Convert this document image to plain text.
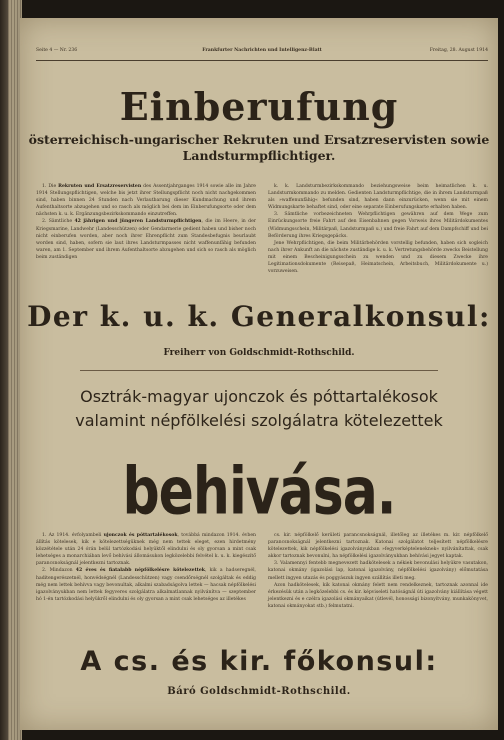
Seite 4 — Nr. 236	Frankfurter Nachrichten und Intelligenz-Blatt	Freitag, 28. August 1914
Einberufung
österreichisch-ungarischer Rekruten und Ersatzreservisten sowie
Landsturmpflichtiger.
1. Die Rekruten und Ersatzreservisten des Assentjahrganges 1914 sowie alle im Jahre 1914 Stellungspflichtigen, welche bis jetzt ihrer Stellungspflicht noch nicht nachgekommen sind, haben binnen 24 Stunden nach Verlautbarung dieser Kundmachung und ihrem Aufenthaltsorte abzugehen und so rasch als möglich bei dem im Einberufungsorte oder dem nächsten k. u. k. Ergänzungsbezirkskommando einzutreffen.
2. Sämtliche 42 jährigen und jüngeren Landsturmpflichtigen, die im Heere, in der Kriegsmarine, Landwehr (Landesschützen) oder Gendarmerie gedient haben und bisher noch nicht einberufen worden, aber noch ihrer Ehrenpflicht zum Standesbefugnis beurlaubt worden sind, haben, sofern sie laut ihres Landsturmpasses nicht waffenunfähig befunden waren, am 1. September und ihrem Aufenthaltsorte abzugehen und sich so rasch als möglich beim zuständigen
k. k. Landsturmbezirkskommando beziehungsweise beim heimatlichen k. u. Landsturmkommando zu melden. Gedienten Landsturmpflichtige, die in ihrem Landsturmpaß als »waffenunfähig« befunden sind, haben dann einzurücken, wenn sie mit einem Widmungskarte behaftet sind, oder eine separate Einberufungskarte erhalten haben.
3. Sämtliche vorbezeichneten Wehrpflichtigen gewähren auf dem Wege zum Einrückungsorte freie Fahrt auf den Eisenbahnen gegen Vorweis ihres Militärdokumentes (Widmungsschein, Militärpaß, Landsturmpaß u.) und freie Fahrt auf dem Dampfschiff und bei Beförderung ihres Kriegsgepäcks.
Jene Wehrpflichtigen, die beim Militärbehörden vorstellig befunden, haben sich sogleich nach ihrer Ankunft an die nächste zuständige k. u. k. Vertretungsbehörde zwecks Beistellung mit einem Bescheinigungsschein zu wenden und zu diesem Zwecke ihre Legitimationsdokumente (Reisepaß, Heimatschein, Arbeitsbuch, Militärdokumente u.) vorzuweisen.
Der k. u. k. Generalkonsul:
Freiherr von Goldschmidt-Rothschild.
Osztrák-magyar ujonczok és póttartalékosok
valamint népfölkelési szolgálatra kötelezettek
behivása.
1. Az 1914. évfolyambeli ujonczok és póttartalékosok, továbbá mindazon 1914. évben állítás kötelesek, kik e kötelezettségüknek még nem tettek eleget, ezen hirdetmény közzététele után 24 órán belül tartózkodási helyüktől elindulni és oly gyorsan a mint csak lehetséges a monarchiában levő behívási állomásukon legközelebbi felvétel k. u. k. kiegészítő parancsnokságnál jelentkezni tartoznak.
2. Mindazon 42 éves és fiatalabb népfölkelésre kötelezettek, kik a hadseregnél, haditengerészetnél, honvédségnél (Landesschützen) vagy csendőrségnél szolgáltak és eddig még nem lettek behívva vagy bevonultak, alkalmi szabadságolva lettek — hacsak népfölkelési igazolványukban nem lettek fegyveres szolgálatra alkalmatlannak nyilvánítva — szeptember hó 1-én tartózkodási helyükről elindulni és oly gyorsan a mint csak lehetséges az illetékes
cs. kir. népfölkelő kerületi parancsnokságnál, illetőleg az illetékes m. kir. népfölkelő parancsnokságnál jelentkezni tartoznak. Katonai szolgálatot teljesített népfölkelésre kötelezettek, kik népfölkelési igazolványukban »fegyverképteleneknek« nyilvánítattak, csak akkor tartoznak bevonulni, ha népfölkelési igazolványukban behívási jegyet kaptak.
3. Valamennyi fentebb megnevezett hadkötelesek a nékiek bevonulási helyükre vasutakon, katonai okmány (igazolási lap, katonai igazolvány, népfölkelési igazolvány) előmutatása mellett ingyen utazás és poggyászuk ingyen szállítás illeti meg.
Azon hadkötelesek, kik katonai okmány felett nem rendelkeznek, tartoznak azonnal ide érkezésük után a legközelebbi cs. és kir. képviseleti hatóságnál úti igazolvány kiállítása végett jelentkezni és e czélra igazolási okmányaikat (útlevél, honossági bizonyítvány, munkakönyvet, katonai okmányokat stb.) felmutatni.
A cs. és kir. főkonsul:
Báró Goldschmidt-Rothschild.
